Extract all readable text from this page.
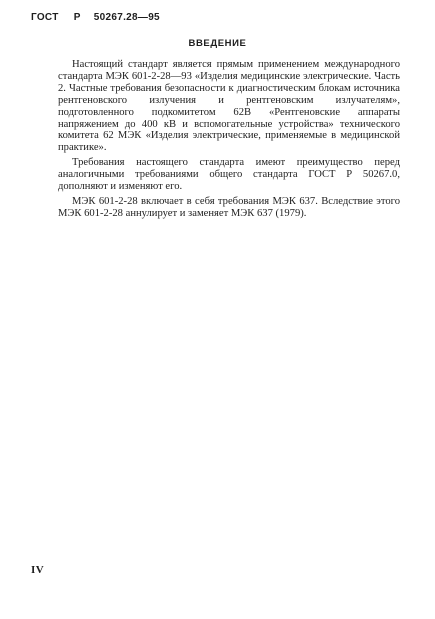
ГОСТ Р 50267.28—95
ВВЕДЕНИЕ

Настоящий стандарт является прямым применением международного стандарта МЭК 601-2-28—93 «Изделия медицинские электрические. Часть 2. Частные требования безопасности к диагностическим блокам источника рентгеновского излучения и рентгеновским излучателям», подготовленного подкомитетом 62В «Рентгеновские аппараты напряжением до 400 кВ и вспомогательные устройства» технического комитета 62 МЭК «Изделия электрические, применяемые в медицинской практике».

Требования настоящего стандарта имеют преимущество перед аналогичными требованиями общего стандарта ГОСТ Р 50267.0, дополняют и изменяют его.

МЭК 601-2-28 включает в себя требования МЭК 637. Вследствие этого МЭК 601-2-28 аннулирует и заменяет МЭК 637 (1979).

IV
